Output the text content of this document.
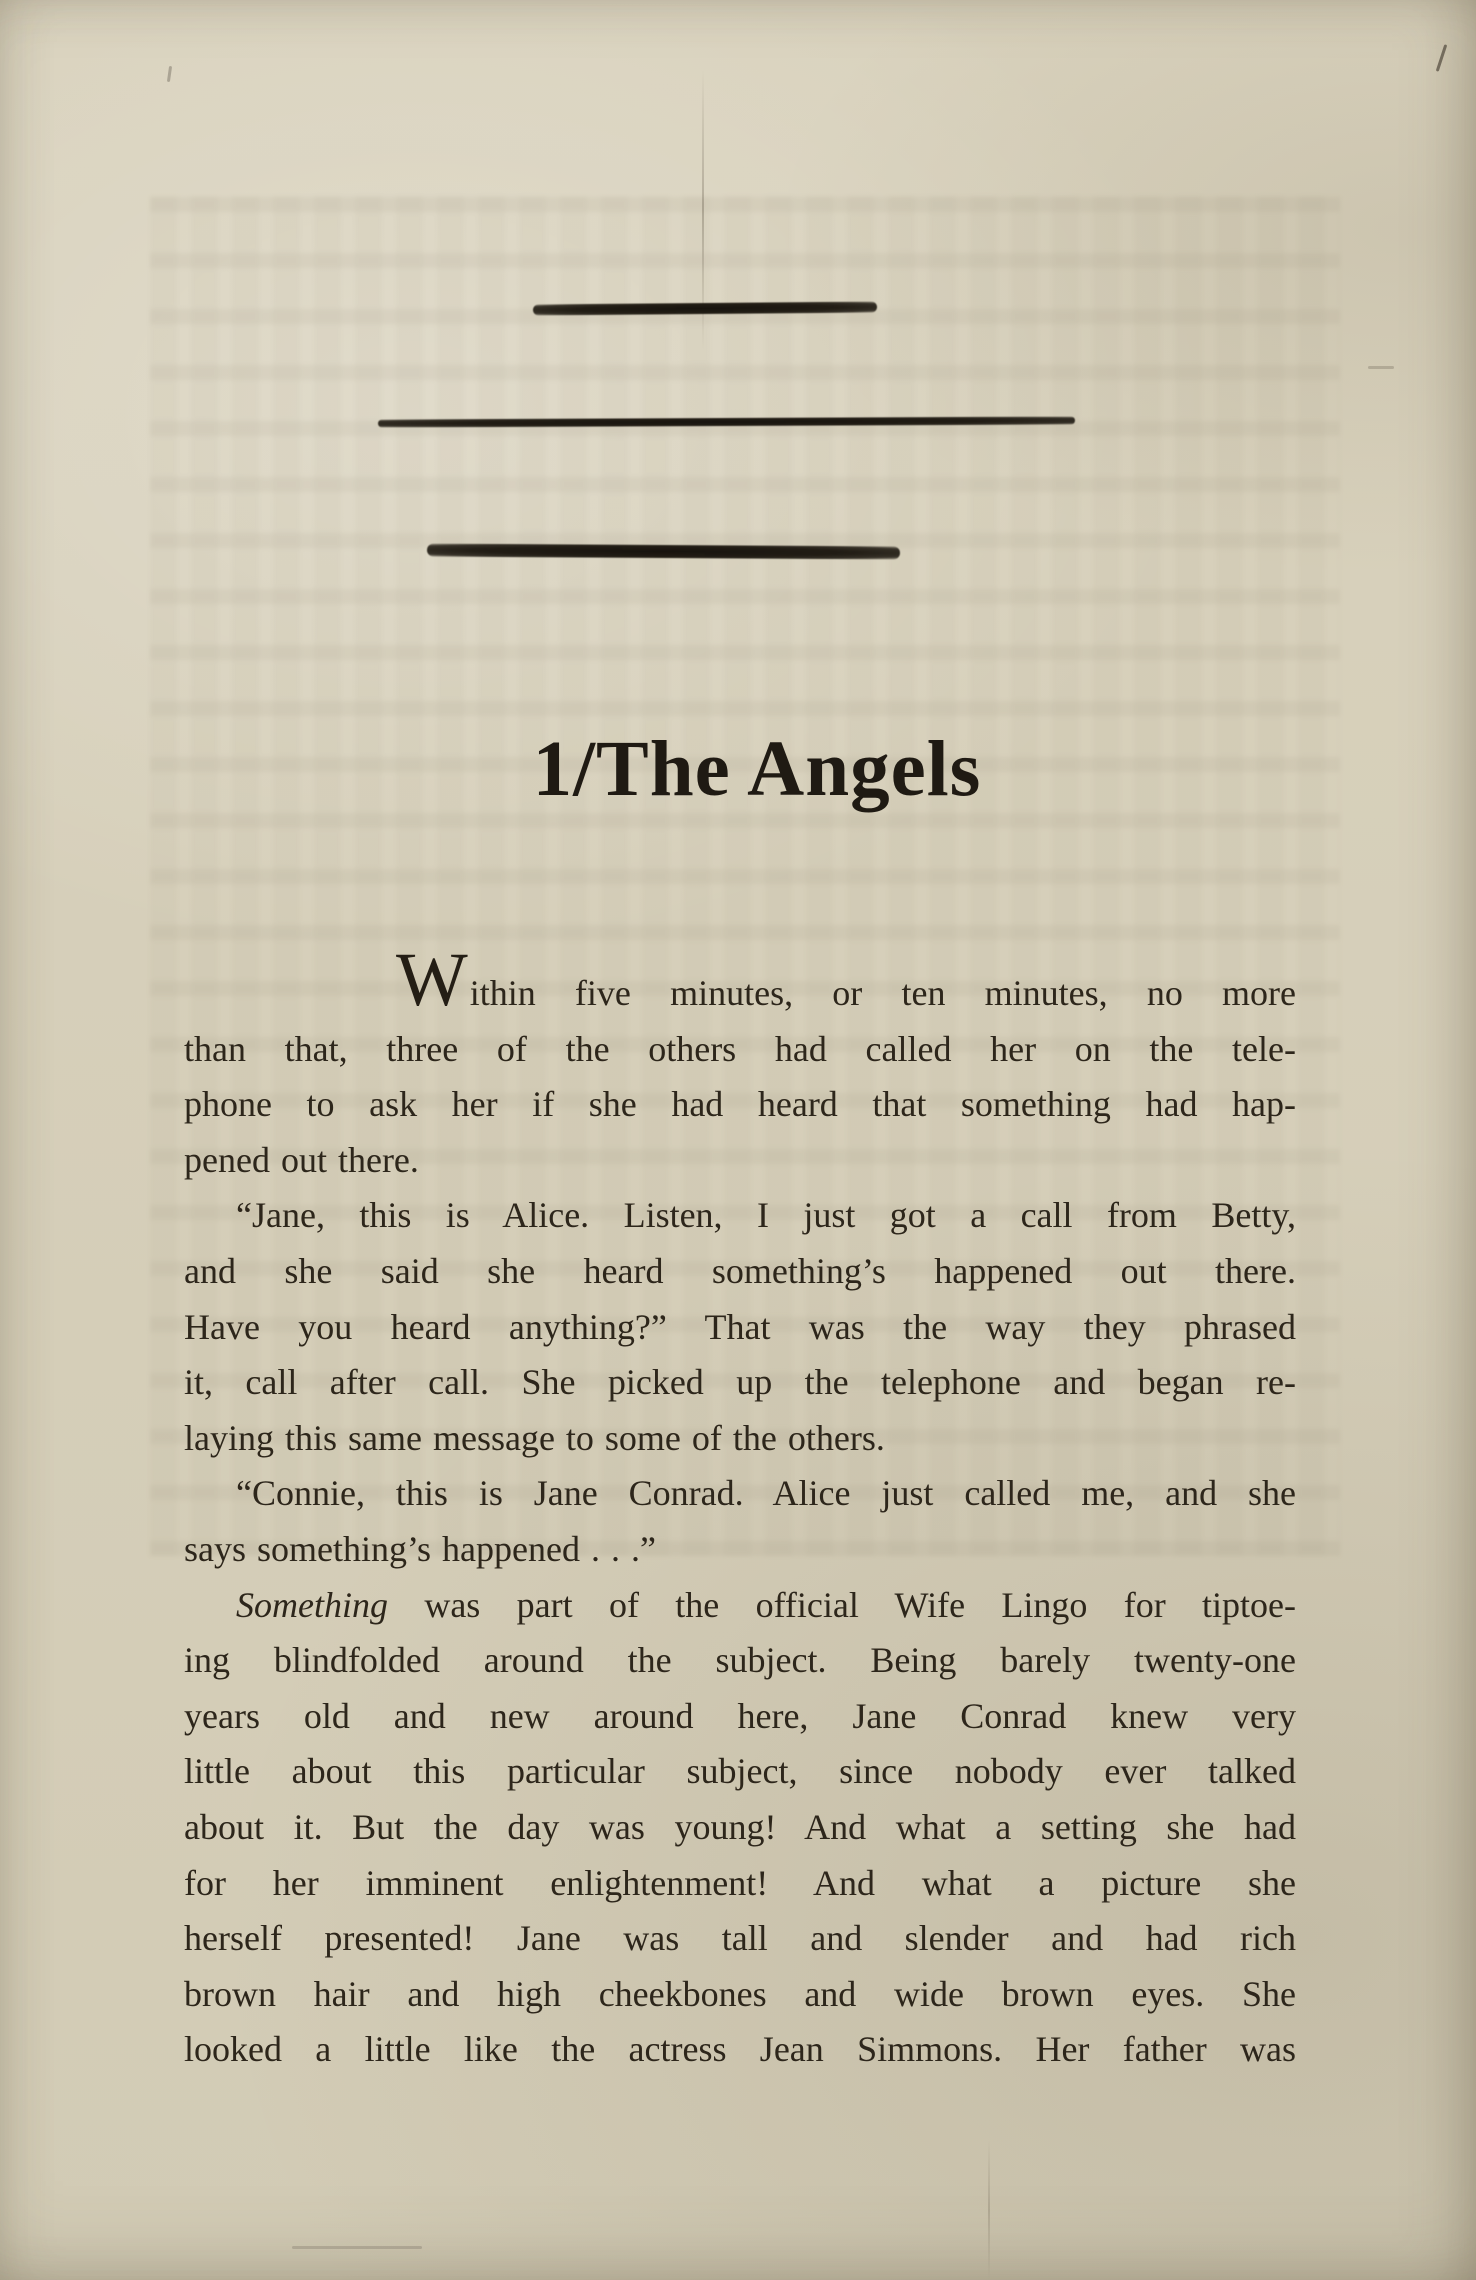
1/The Angels
Within five minutes, or ten minutes, no more
than that, three of the others had called her on the tele-
phone to ask her if she had heard that something had hap-
pened out there.
“Jane, this is Alice. Listen, I just got a call from Betty,
and she said she heard something’s happened out there.
Have you heard anything?” That was the way they phrased
it, call after call. She picked up the telephone and began re-
laying this same message to some of the others.
“Connie, this is Jane Conrad. Alice just called me, and she
says something’s happened . . .”
Something was part of the official Wife Lingo for tiptoe-
ing blindfolded around the subject. Being barely twenty-one
years old and new around here, Jane Conrad knew very
little about this particular subject, since nobody ever talked
about it. But the day was young! And what a setting she had
for her imminent enlightenment! And what a picture she
herself presented! Jane was tall and slender and had rich
brown hair and high cheekbones and wide brown eyes. She
looked a little like the actress Jean Simmons. Her father was
